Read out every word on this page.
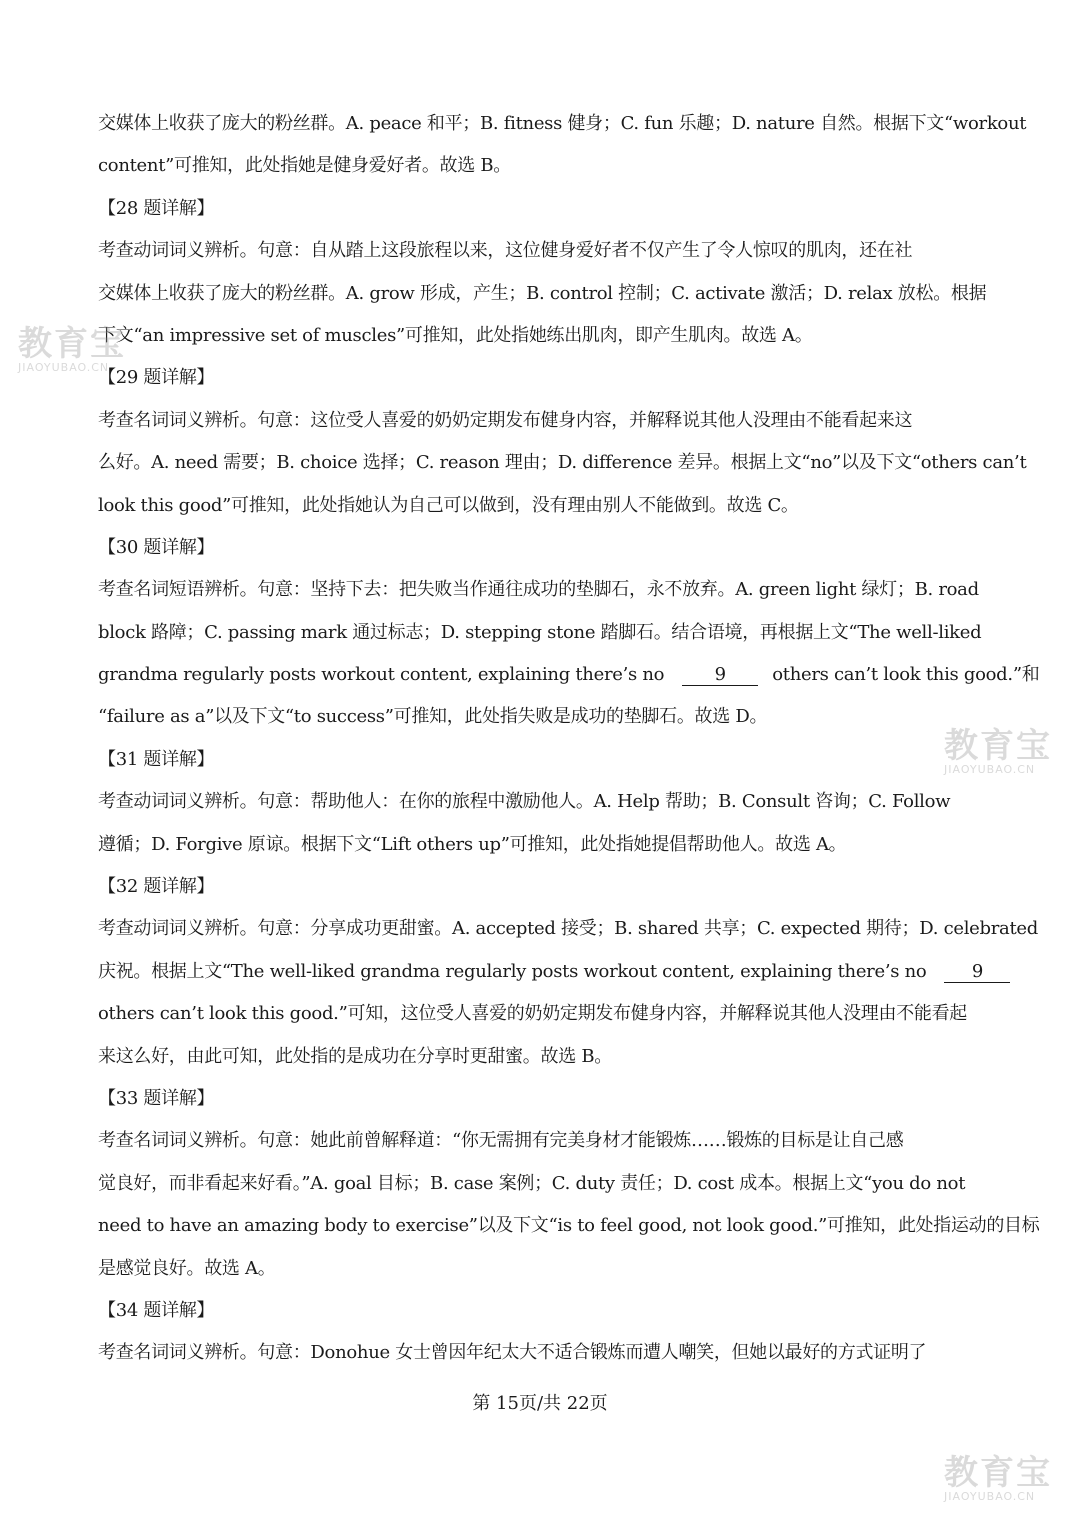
交媒体上收获了庞大的粉丝群。A. peace 和平；B. fitness 健身；C. fun 乐趣；D. nature 自然。根据下文“workout
content”可推知，此处指她是健身爱好者。故选 B。
【28 题详解】
考查动词词义辨析。句意：自从踏上这段旅程以来，这位健身爱好者不仅产生了令人惊叹的肌肉，还在社
交媒体上收获了庞大的粉丝群。A. grow 形成，产生；B. control 控制；C. activate 激活；D. relax 放松。根据
下文“an impressive set of muscles”可推知，此处指她练出肌肉，即产生肌肉。故选 A。
【29 题详解】
考查名词词义辨析。句意：这位受人喜爱的奶奶定期发布健身内容，并解释说其他人没理由不能看起来这
么好。A. need 需要；B. choice 选择；C. reason 理由；D. difference 差异。根据上文“no”以及下文“others can’t
look this good”可推知，此处指她认为自己可以做到，没有理由别人不能做到。故选 C。
【30 题详解】
考查名词短语辨析。句意：坚持下去：把失败当作通往成功的垫脚石，永不放弃。A. green light 绿灯；B. road
block 路障；C. passing mark 通过标志；D. stepping stone 踏脚石。结合语境，再根据上文“The well-liked
grandma regularly posts workout content, explaining there’s no	9	others can’t look this good.”和
“failure as a”以及下文“to success”可推知，此处指失败是成功的垫脚石。故选 D。
【31 题详解】
考查动词词义辨析。句意：帮助他人：在你的旅程中激励他人。A. Help 帮助；B. Consult 咨询；C. Follow
遵循；D. Forgive 原谅。根据下文“Lift others up”可推知，此处指她提倡帮助他人。故选 A。
【32 题详解】
考查动词词义辨析。句意：分享成功更甜蜜。A. accepted 接受；B. shared 共享；C. expected 期待；D. celebrated
庆祝。根据上文“The well-liked grandma regularly posts workout content, explaining there’s no	9
others can’t look this good.”可知，这位受人喜爱的奶奶定期发布健身内容，并解释说其他人没理由不能看起
来这么好，由此可知，此处指的是成功在分享时更甜蜜。故选 B。
【33 题详解】
考查名词词义辨析。句意：她此前曾解释道：“你无需拥有完美身材才能锻炼……锻炼的目标是让自己感
觉良好，而非看起来好看。”A. goal 目标；B. case 案例；C. duty 责任；D. cost 成本。根据上文“you do not
need to have an amazing body to exercise”以及下文“is to feel good, not look good.”可推知，此处指运动的目标
是感觉良好。故选 A。
【34 题详解】
考查名词词义辨析。句意：Donohue 女士曾因年纪太大不适合锻炼而遭人嘲笑，但她以最好的方式证明了
第 15页/共 22页
教育宝
JIAOYUBAO.CN
教育宝
JIAOYUBAO.CN
教育宝
JIAOYUBAO.CN
